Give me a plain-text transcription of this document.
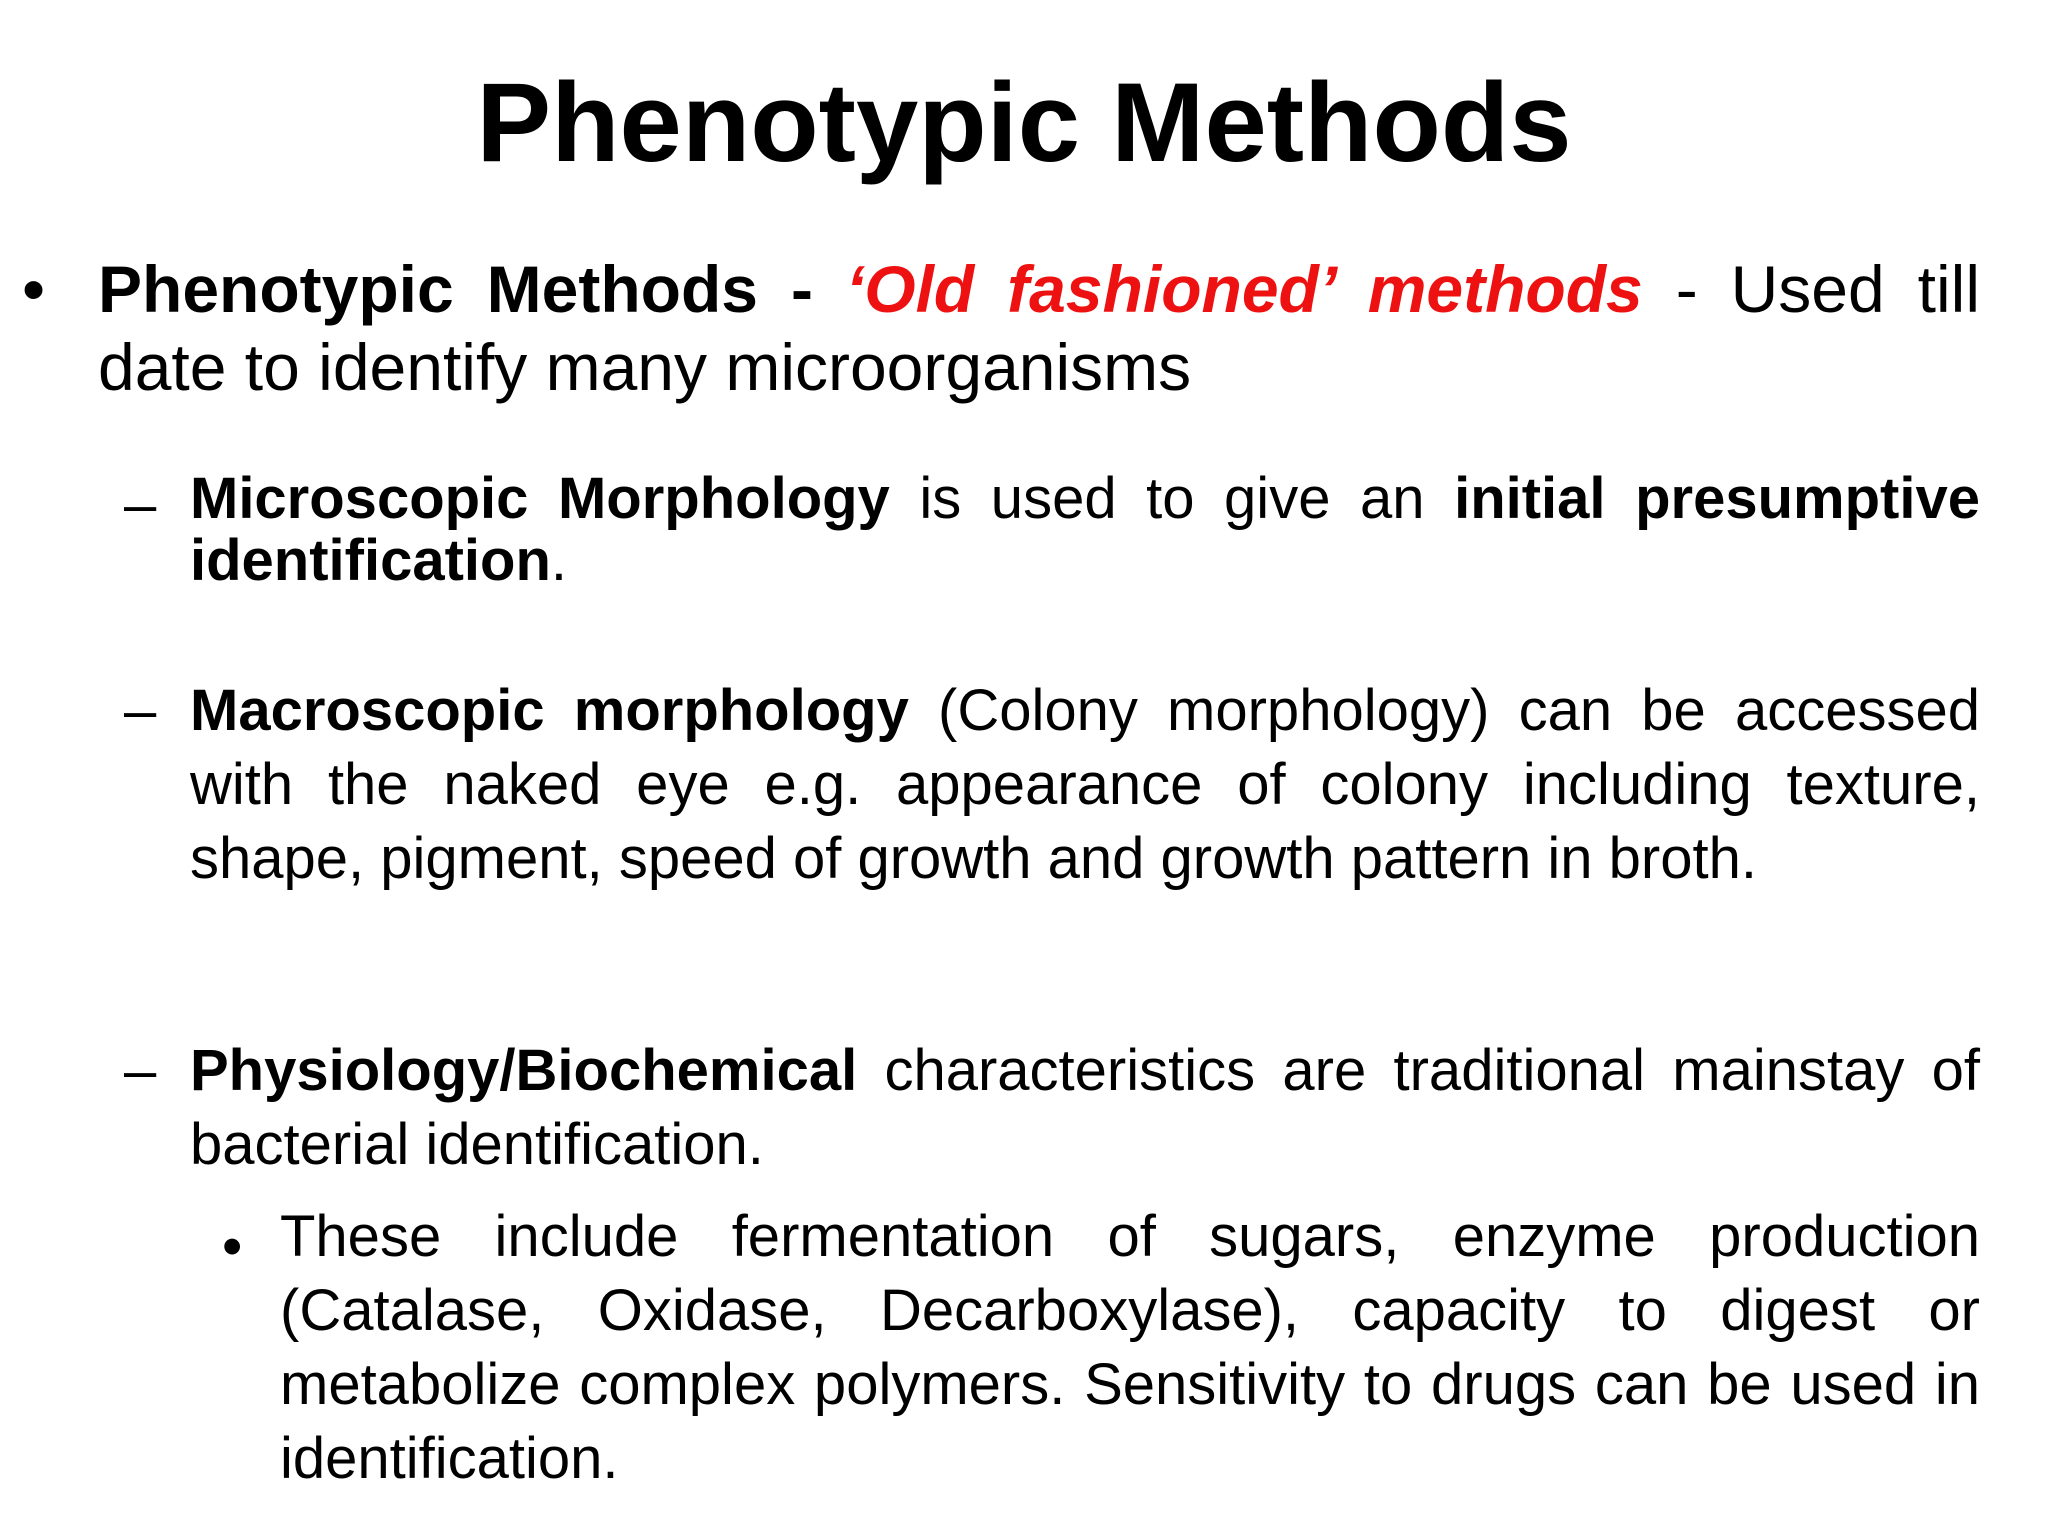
Phenotypic Methods
• Phenotypic Methods - ‘Old fashioned’ methods - Used till date to identify many microorganisms
– Microscopic Morphology is used to give an initial presumptive identification.
– Macroscopic morphology (Colony morphology) can be accessed with the naked eye e.g. appearance of colony including texture, shape, pigment, speed of growth and growth pattern in broth.
– Physiology/Biochemical characteristics are traditional mainstay of bacterial identification.
• These include fermentation of sugars, enzyme production (Catalase, Oxidase, Decarboxylase), capacity to digest or metabolize complex polymers. Sensitivity to drugs can be used in identification.
